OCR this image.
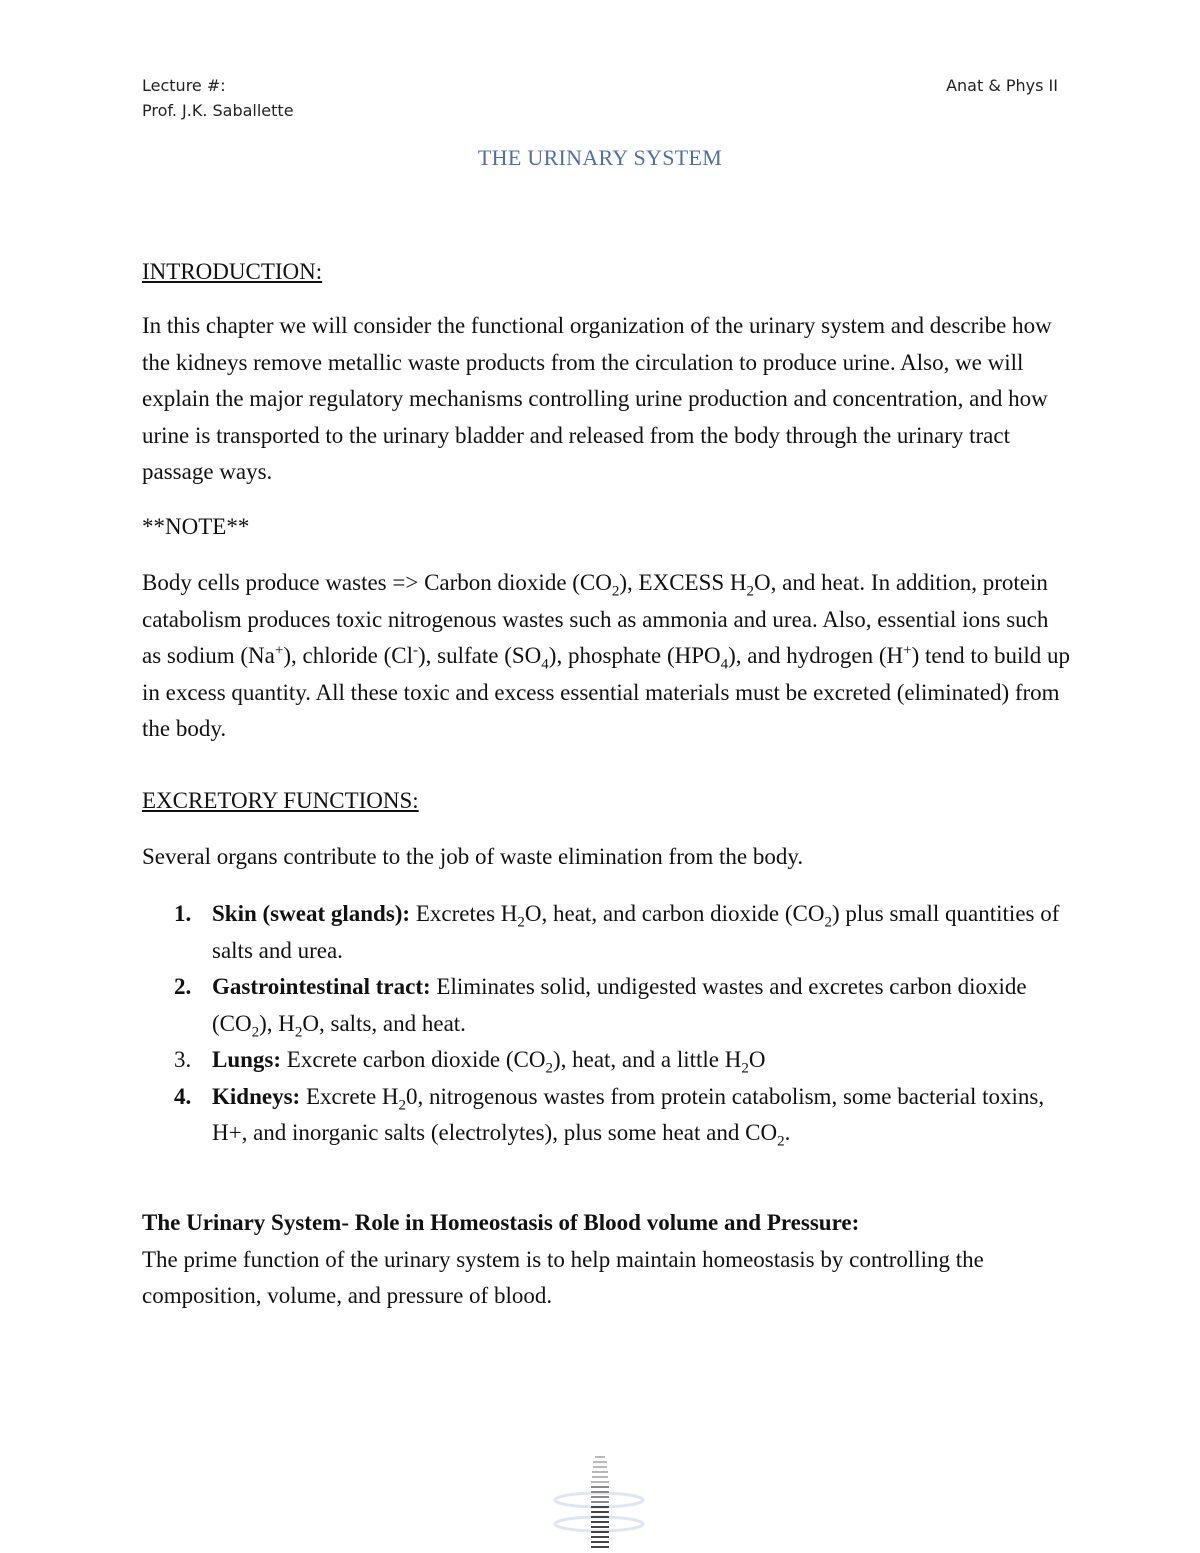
Lecture #:
Prof. J.K. Saballette
Anat & Phys II
THE URINARY SYSTEM
INTRODUCTION:
In this chapter we will consider the functional organization of the urinary system and describe how the kidneys remove metallic waste products from the circulation to produce urine. Also, we will explain the major regulatory mechanisms controlling urine production and concentration, and how urine is transported to the urinary bladder and released from the body through the urinary tract passage ways.
**NOTE**
Body cells produce wastes => Carbon dioxide $(CO_2)$, EXCESS $H_2O$, and heat. In addition, protein catabolism produces toxic nitrogenous wastes such as ammonia and urea. Also, essential ions such as sodium (Na+), chloride (Cl-), sulfate $(SO_4)$, phosphate $(HPO_4)$, and hydrogen (H+) tend to build up in excess quantity. All these toxic and excess essential materials must be excreted (eliminated) from the body.
EXCRETORY FUNCTIONS:
Several organs contribute to the job of waste elimination from the body.
1. Skin (sweat glands): Excretes $H_2O$, heat, and carbon dioxide $(CO_2)$ plus small quantities of salts and urea.
2. Gastrointestinal tract: Eliminates solid, undigested wastes and excretes carbon dioxide $(CO_2)$, $H_2O$, salts, and heat.
3. Lungs: Excrete carbon dioxide $(CO_2)$, heat, and a little $H_2O$
4. Kidneys: Excrete $H_20$, nitrogenous wastes from protein catabolism, some bacterial toxins, H+, and inorganic salts (electrolytes), plus some heat and $CO_2$.
The Urinary System- Role in Homeostasis of Blood volume and Pressure:
The prime function of the urinary system is to help maintain homeostasis by controlling the composition, volume, and pressure of blood.
